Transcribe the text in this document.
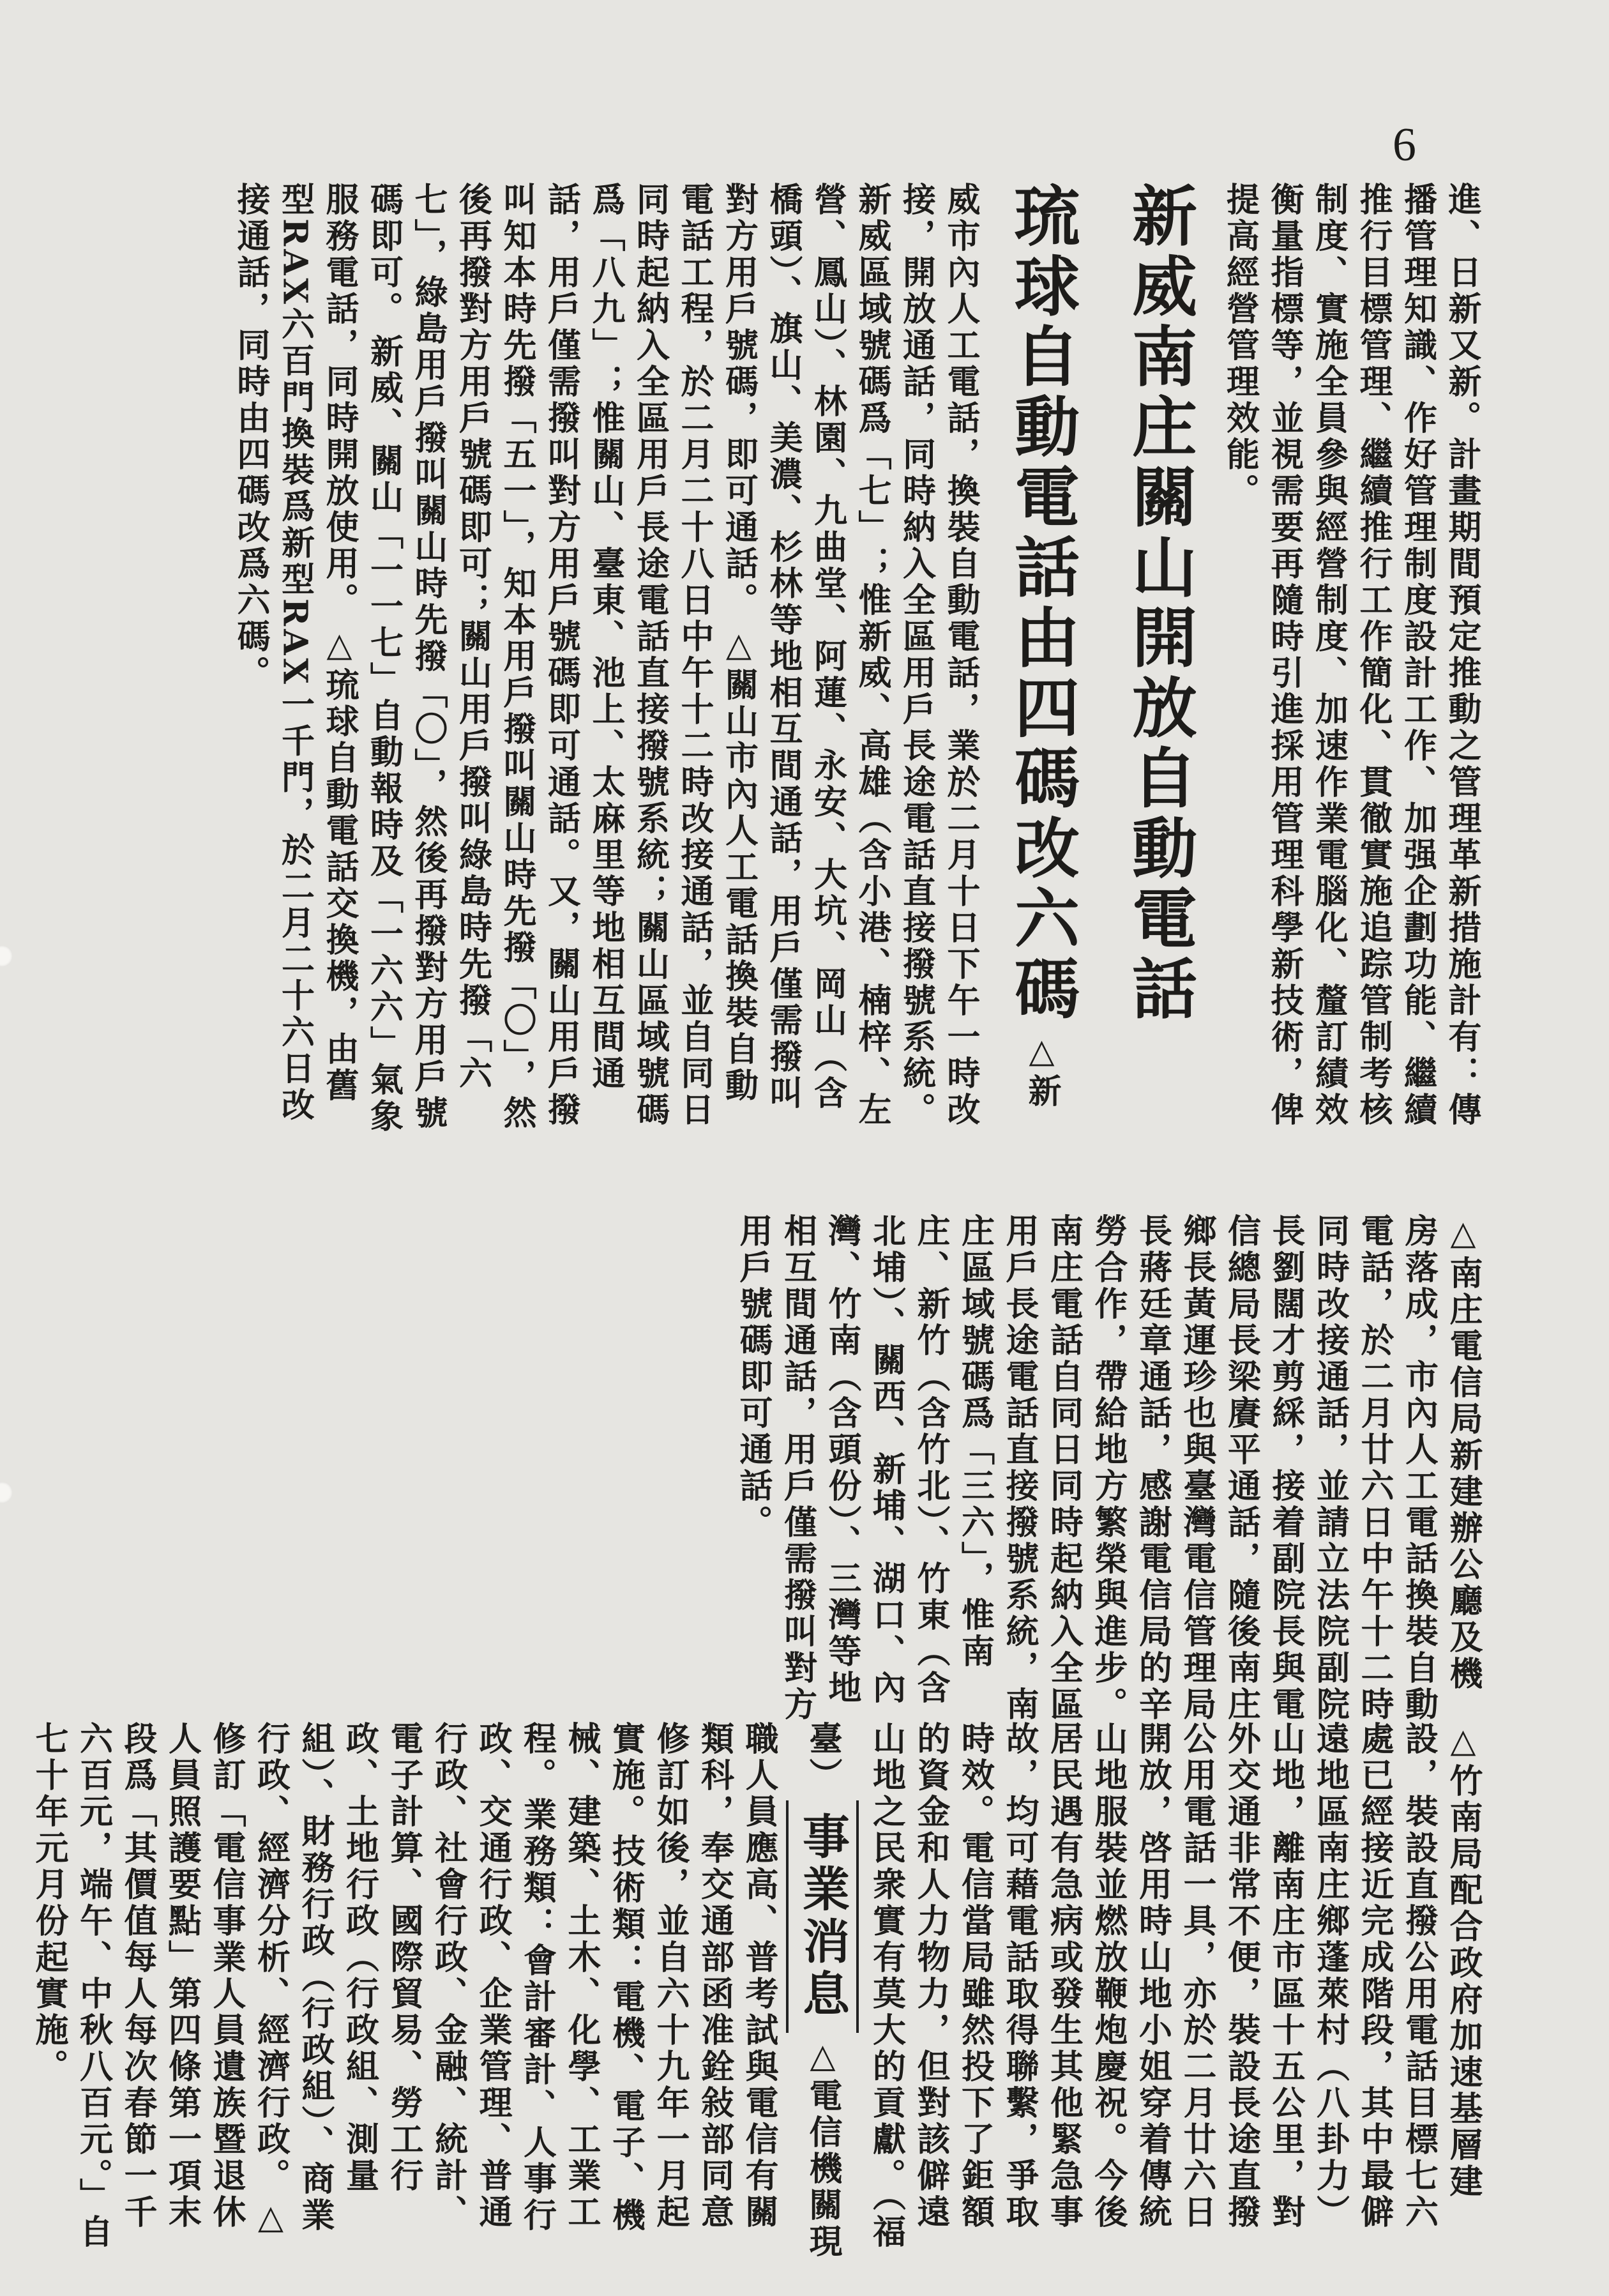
6
進、日新又新。計畫期間預定推動之管理革新措施計有：傳播管理知識、作好管理制度設計工作、加强企劃功能、繼續推行目標管理、繼續推行工作簡化、貫徹實施追踪管制考核制度、實施全員參與經營制度、加速作業電腦化、釐訂績效衡量指標等，並視需要再隨時引進採用管理科學新技術，俾提高經營管理效能。  新威南庄關山開放自動電話 琉球自動電話由四碼改六碼  △新威市內人工電話，換裝自動電話，業於二月十日下午一時改接，開放通話，同時納入全區用戶長途電話直接撥號系統。新威區域號碼爲「七」；惟新威、高雄（含小港、楠梓、左營、鳳山）、林園、九曲堂、阿蓮、永安、大坑、岡山（含橋頭）、旗山、美濃、杉林等地相互間通話，用戶僅需撥叫對方用戶號碼，即可通話。  △關山市內人工電話換裝自動電話工程，於二月二十八日中午十二時改接通話，並自同日同時起納入全區用戶長途電話直接撥號系統；關山區域號碼爲「八九」；惟關山、臺東、池上、太麻里等地相互間通話，用戶僅需撥叫對方用戶號碼即可通話。又，關山用戶撥叫知本時先撥「五一」，知本用戶撥叫關山時先撥「〇」，然後再撥對方用戶號碼即可；關山用戶撥叫綠島時先撥「六七」，綠島用戶撥叫關山時先撥「〇」，然後再撥對方用戶號碼即可。  新威、關山「一一七」自動報時及「一六六」氣象服務電話，同時開放使用。  △琉球自動電話交換機，由舊型RAX六百門換裝爲新型RAX一千門，於二月二十六日改接通話，同時由四碼改爲六碼。
△南庄電信局新建辦公廳及機房落成，市內人工電話換裝自動電話，於二月廿六日中午十二時同時改接通話，並請立法院副院長劉闊才剪綵，接着副院長與電信總局長梁賡平通話，隨後南庄鄉長黃運珍也與臺灣電信管理局長蔣廷章通話，感謝電信局的辛勞合作，帶給地方繁榮與進步。南庄電話自同日同時起納入全區用戶長途電話直接撥號系統，南庄區域號碼爲「三六」，惟南庄、新竹（含竹北）、竹東（含北埔）、關西、新埔、湖口、內灣、竹南（含頭份）、三灣等地相互間通話，用戶僅需撥叫對方用戶號碼即可通話。
△竹南局配合政府加速基層建設，裝設直撥公用電話目標七六處已經接近完成階段，其中最僻遠地區南庄鄉蓬萊村（八卦力）山地，離南庄市區十五公里，對外交通非常不便，裝設長途直撥公用電話一具，亦於二月廿六日開放，啓用時山地小姐穿着傳統山地服裝並燃放鞭炮慶祝。今後居民遇有急病或發生其他緊急事故，均可藉電話取得聯繫，爭取時效。電信當局雖然投下了鉅額的資金和人力物力，但對該僻遠山地之民衆實有莫大的貢獻。（福臺）  事業消息 △電信機關現職人員應高、普考試與電信有關類科，奉交通部函准銓敍部同意修訂如後，並自六十九年一月起實施。 技術類：電機、電子、機械、建築、土木、化學、工業工程。 業務類：會計審計、人事行政、交通行政、企業管理、普通行政、社會行政、金融、統計、電子計算、國際貿易、勞工行政、土地行政（行政組、測量組）、財務行政（行政組）、商業行政、經濟分析、經濟行政。 △修訂「電信事業人員遺族暨退休人員照護要點」第四條第一項末段爲「其價值每人每次春節一千六百元，端午、中秋八百元。」自七十年元月份起實施。
